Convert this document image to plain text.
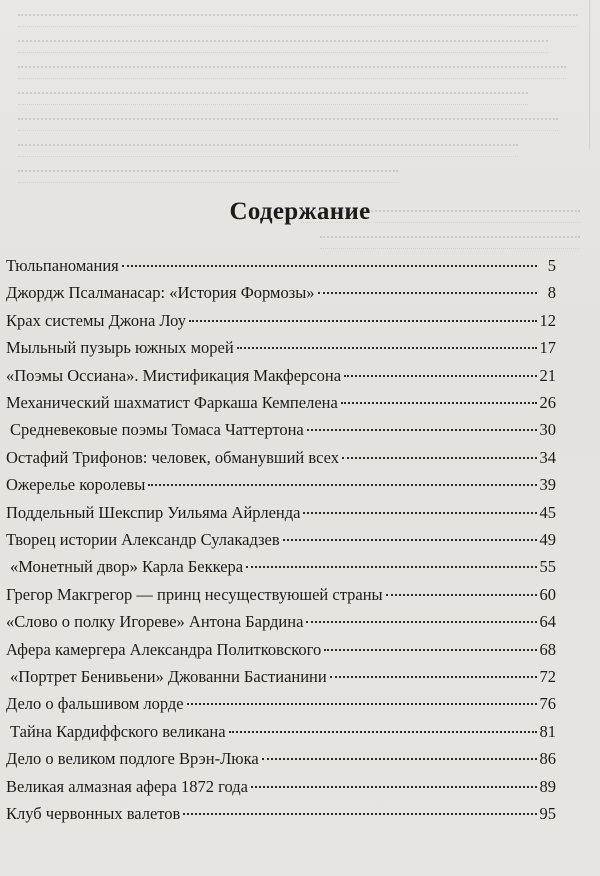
Содержание
Тюльпаномания	5
Джордж Псалманасар: «История Формозы»	8
Крах системы Джона Лоу	12
Мыльный пузырь южных морей	17
«Поэмы Оссиана». Мистификация Макферсона	21
Механический шахматист Фаркаша Кемпелена	26
Средневековые поэмы Томаса Чаттертона	30
Остафий Трифонов: человек, обманувший всех	34
Ожерелье королевы	39
Поддельный Шекспир Уильяма Айрленда	45
Творец истории Александр Сулакадзев	49
«Монетный двор» Карла Беккера	55
Грегор Макгрегор — принц несуществуюшей страны	60
«Слово о полку Игореве» Антона Бардина	64
Афера камергера Александра Политковского	68
«Портрет Бенивьени» Джованни Бастианини	72
Дело о фальшивом лорде	76
Тайна Кардиффского великана	81
Дело о великом подлоге Врэн-Люка	86
Великая алмазная афера 1872 года	89
Клуб червонных валетов	95
